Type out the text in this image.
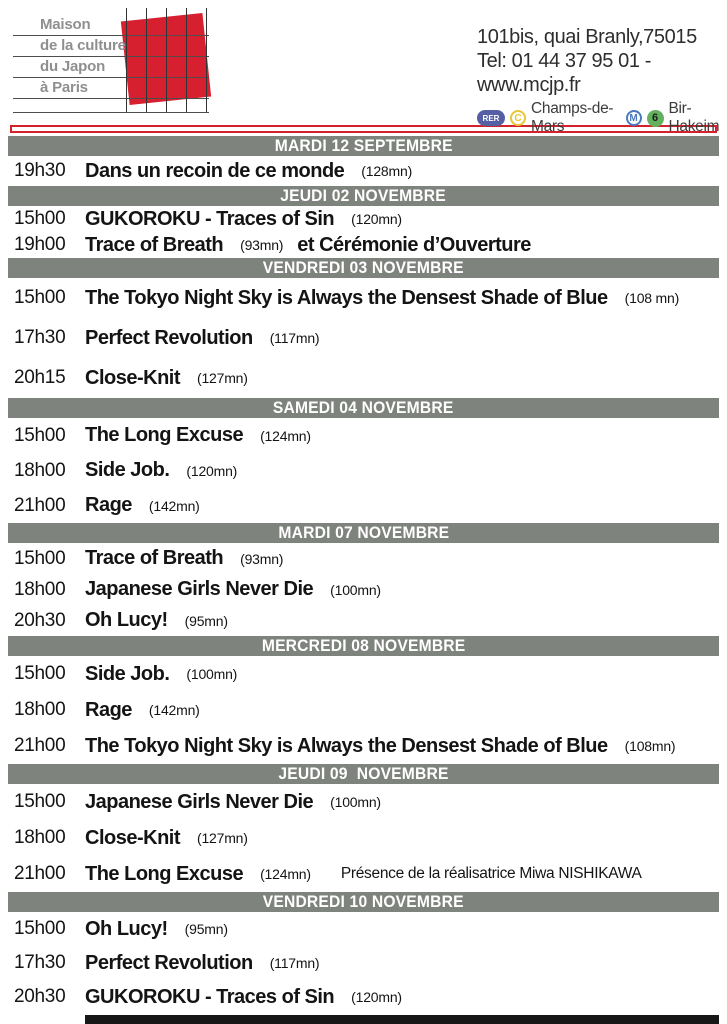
Maison
de la culture
du Japon
à Paris
101bis, quai Branly,75015
Tel: 01 44 37 95 01 - www.mcjp.fr
RER	C
Champs-de-Mars	M	6
Bir-Hakeim
MARDI 12 SEPTEMBRE
19h30 Dans un recoin de ce monde (128mn)
JEUDI 02 NOVEMBRE
15h00 GUKOROKU - Traces of Sin (120mn)
19h00 Trace of Breath (93mn) et Cérémonie d’Ouverture
VENDREDI 03 NOVEMBRE
15h00 The Tokyo Night Sky is Always the Densest Shade of Blue (108 mn)
17h30 Perfect Revolution (117mn)
20h15 Close-Knit (127mn)
SAMEDI 04 NOVEMBRE
15h00 The Long Excuse (124mn)
18h00 Side Job. (120mn)
21h00 Rage (142mn)
MARDI 07 NOVEMBRE
15h00 Trace of Breath (93mn)
18h00 Japanese Girls Never Die (100mn)
20h30 Oh Lucy! (95mn)
MERCREDI 08 NOVEMBRE
15h00 Side Job. (100mn)
18h00 Rage (142mn)
21h00 The Tokyo Night Sky is Always the Densest Shade of Blue (108mn)
JEUDI 09  NOVEMBRE
15h00 Japanese Girls Never Die (100mn)
18h00 Close-Knit (127mn)
21h00 The Long Excuse (124mn) Présence de la réalisatrice Miwa NISHIKAWA
VENDREDI 10 NOVEMBRE
15h00 Oh Lucy! (95mn)
17h30 Perfect Revolution (117mn)
20h30 GUKOROKU - Traces of Sin (120mn)
